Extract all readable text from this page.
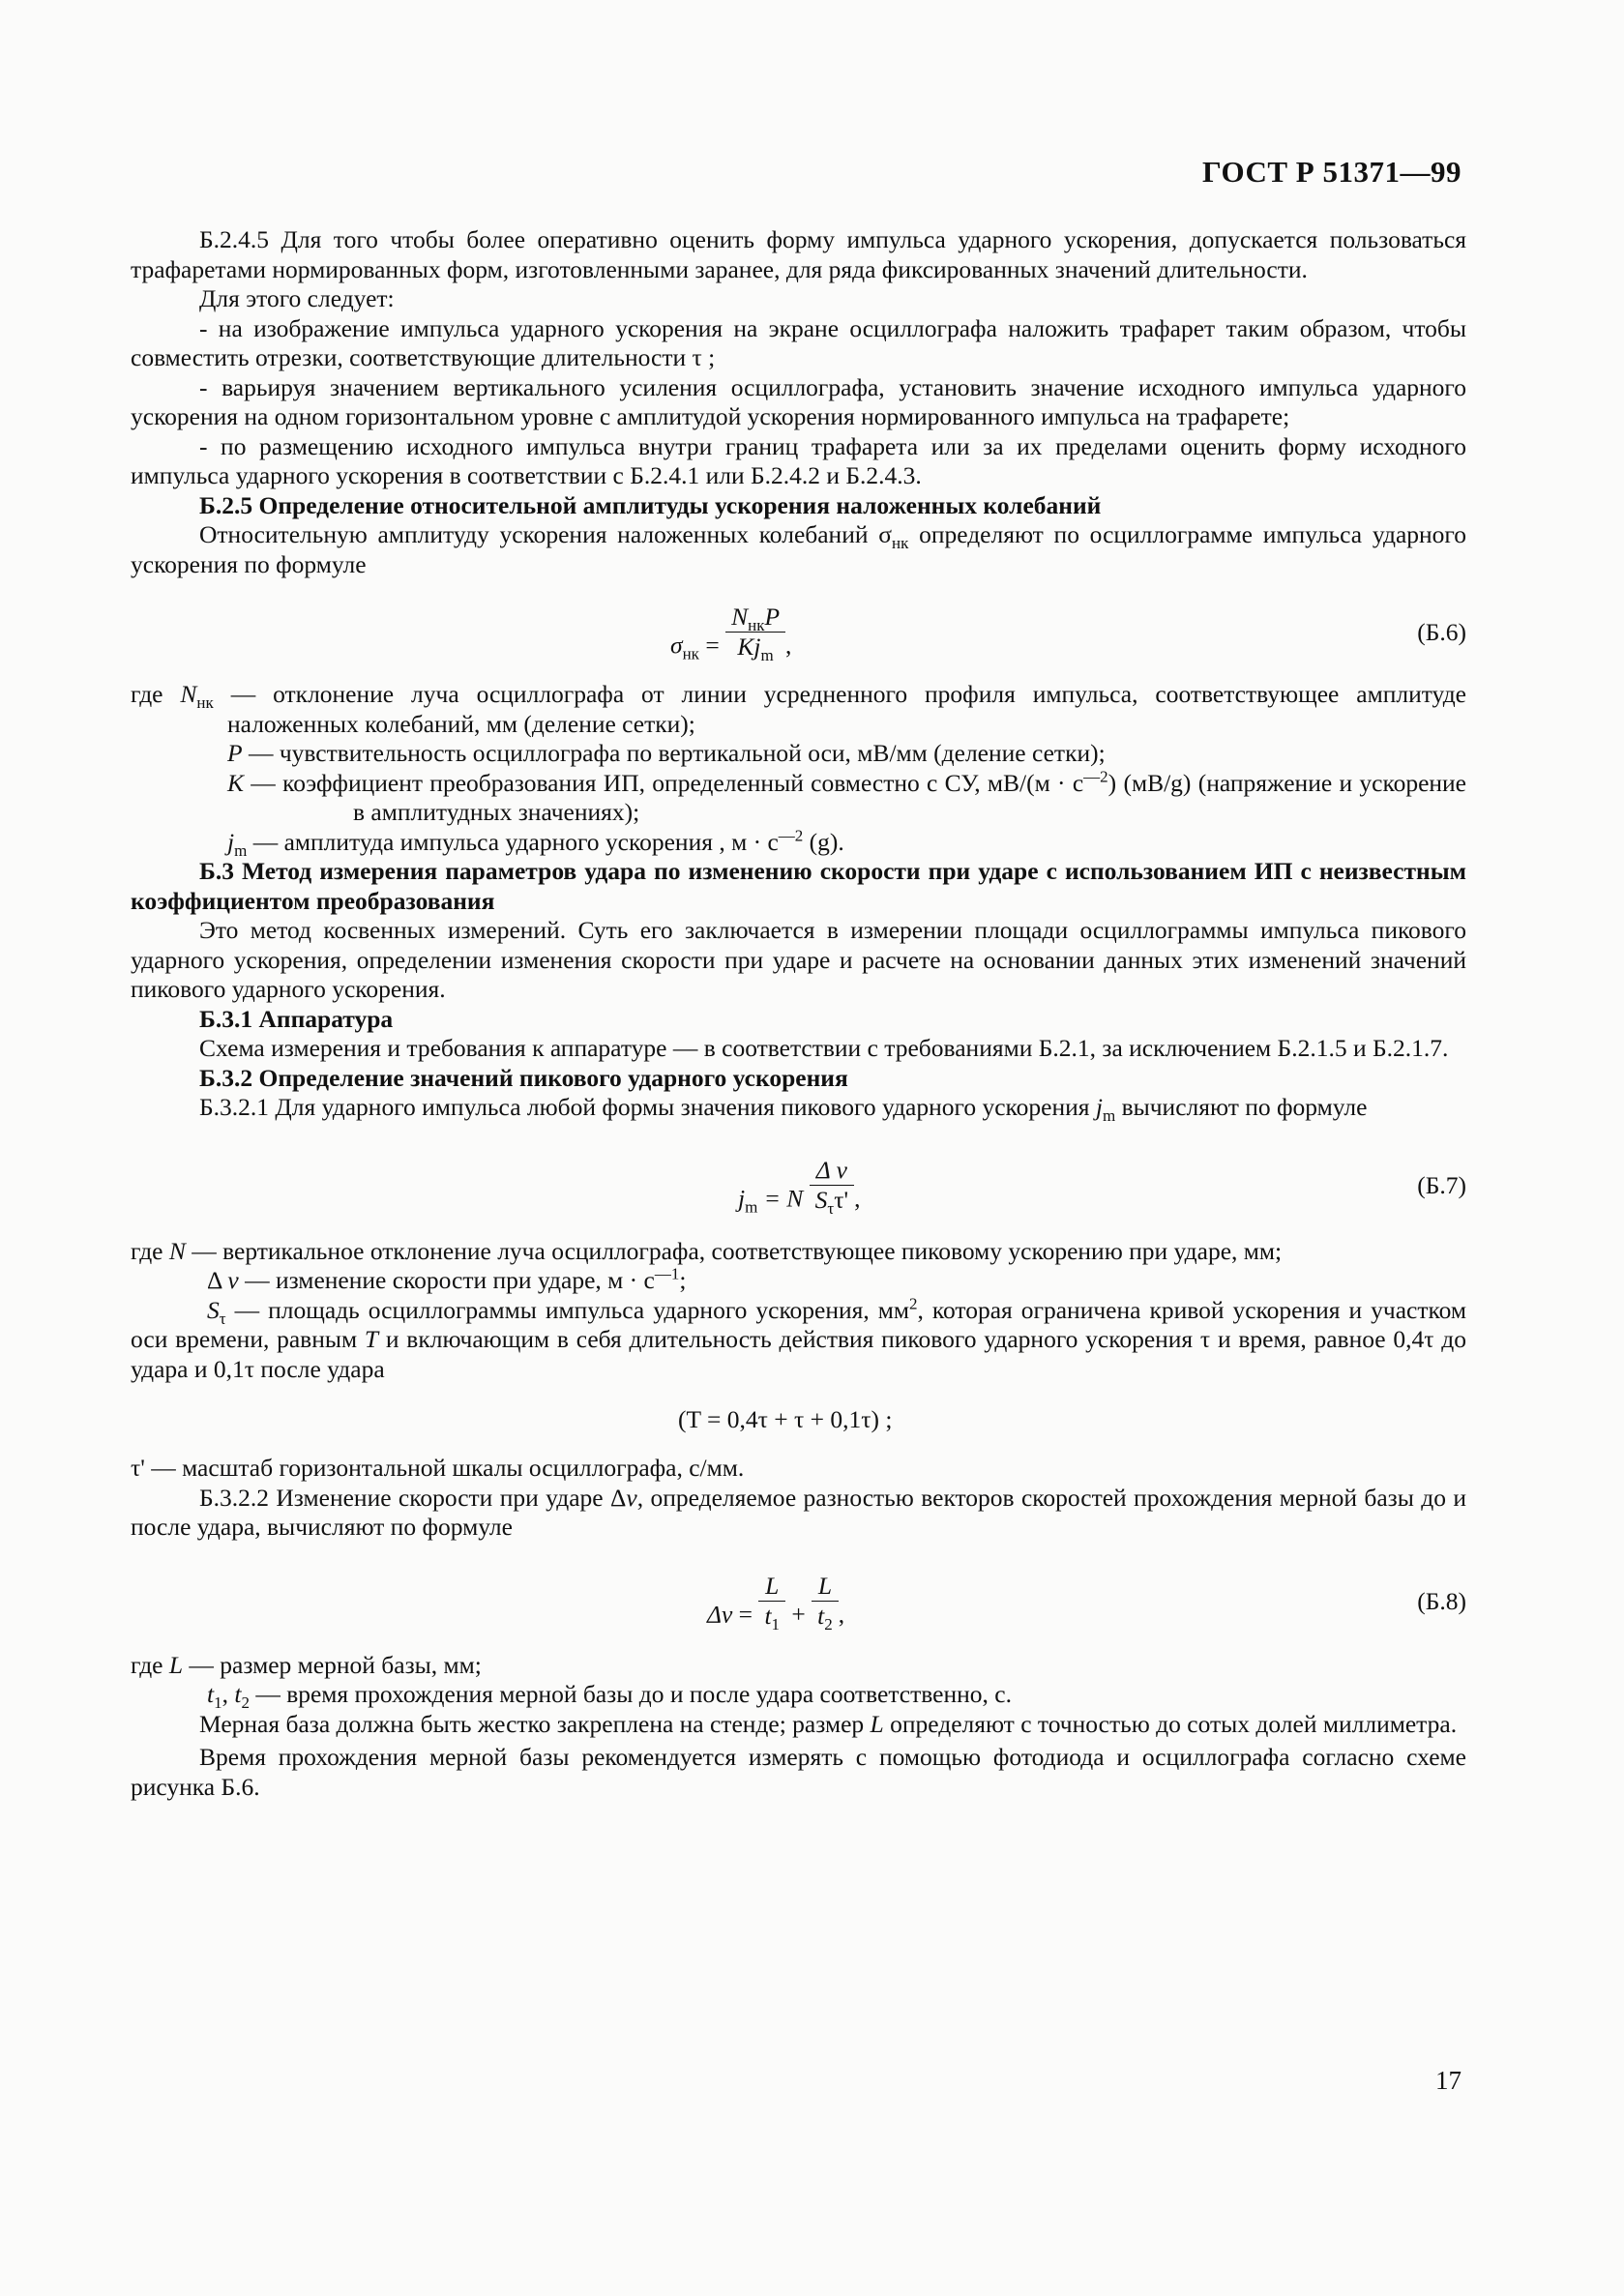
ГОСТ Р 51371—99

Б.2.4.5 Для того чтобы более оперативно оценить форму импульса ударного ускорения, допускается пользоваться трафаретами нормированных форм, изготовленными заранее, для ряда фиксированных значений длительности.

Для этого следует:

- на изображение импульса ударного ускорения на экране осциллографа наложить трафарет таким образом, чтобы совместить отрезки, соответствующие длительности τ ;

- варьируя значением вертикального усиления осциллографа, установить значение исходного импульса ударного ускорения на одном горизонтальном уровне с амплитудой ускорения нормированного импульса на трафарете;

- по размещению исходного импульса внутри границ трафарета или за их пределами оценить форму исходного импульса ударного ускорения в соответствии с Б.2.4.1 или Б.2.4.2 и Б.2.4.3.

Б.2.5 Определение относительной амплитуды ускорения наложенных колебаний

Относительную амплитуду ускорения наложенных колебаний $\sigma_{нк}$ определяют по осциллограмме импульса ударного ускорения по формуле

$\sigma_{нк} = \frac{N_{нк}P}{Kj_m}$ ,	(Б.6)

где $N_{нк}$ — отклонение луча осциллографа от линии усредненного профиля импульса, соответствующее амплитуде наложенных колебаний, мм (деление сетки);

P — чувствительность осциллографа по вертикальной оси, мВ/мм (деление сетки);

K — коэффициент преобразования ИП, определенный совместно с СУ, $мВ/(м \cdot с^{—2})$ (мВ/g) (напряжение и ускорение в амплитудных значениях);

$j_m$ — амплитуда импульса ударного ускорения , $м \cdot с^{—2}$ (g).

Б.3 Метод измерения параметров удара по изменению скорости при ударе с использованием ИП с неизвестным коэффициентом преобразования

Это метод косвенных измерений. Суть его заключается в измерении площади осциллограммы импульса пикового ударного ускорения, определении изменения скорости при ударе и расчете на основании данных этих изменений значений пикового ударного ускорения.

Б.3.1 Аппаратура

Схема измерения и требования к аппаратуре — в соответствии с требованиями Б.2.1, за исключением Б.2.1.5 и Б.2.1.7.

Б.3.2 Определение значений пикового ударного ускорения

Б.3.2.1 Для ударного импульса любой формы значения пикового ударного ускорения $j_m$ вычисляют по формуле

$j_m = N \frac{\text{Δ v}}{S_\tau\tau'}$ ,	(Б.7)

где N — вертикальное отклонение луча осциллографа, соответствующее пиковому ускорению при ударе, мм;

Δ v — изменение скорости при ударе, $м \cdot с^{—1}$;

$S_\tau$ — площадь осциллограммы импульса ударного ускорения, $мм^2$, которая ограничена кривой ускорения и участком оси времени, равным T и включающим в себя длительность действия пикового ударного ускорения τ и время, равное 0,4τ до удара и 0,1τ после удара

(T = 0,4τ + τ + 0,1τ) ;

τ' — масштаб горизонтальной шкалы осциллографа, с/мм.

Б.3.2.2 Изменение скорости при ударе Δv, определяемое разностью векторов скоростей прохождения мерной базы до и после удара, вычисляют по формуле

$\Delta v = \frac{L}{t_1} + \frac{L}{t_2}$ ,	(Б.8)

где L — размер мерной базы, мм;

$t_1$, $t_2$ — время прохождения мерной базы до и после удара соответственно, с.

Мерная база должна быть жестко закреплена на стенде; размер L определяют с точностью до сотых долей миллиметра.

Время прохождения мерной базы рекомендуется измерять с помощью фотодиода и осциллографа согласно схеме рисунка Б.6.

17
